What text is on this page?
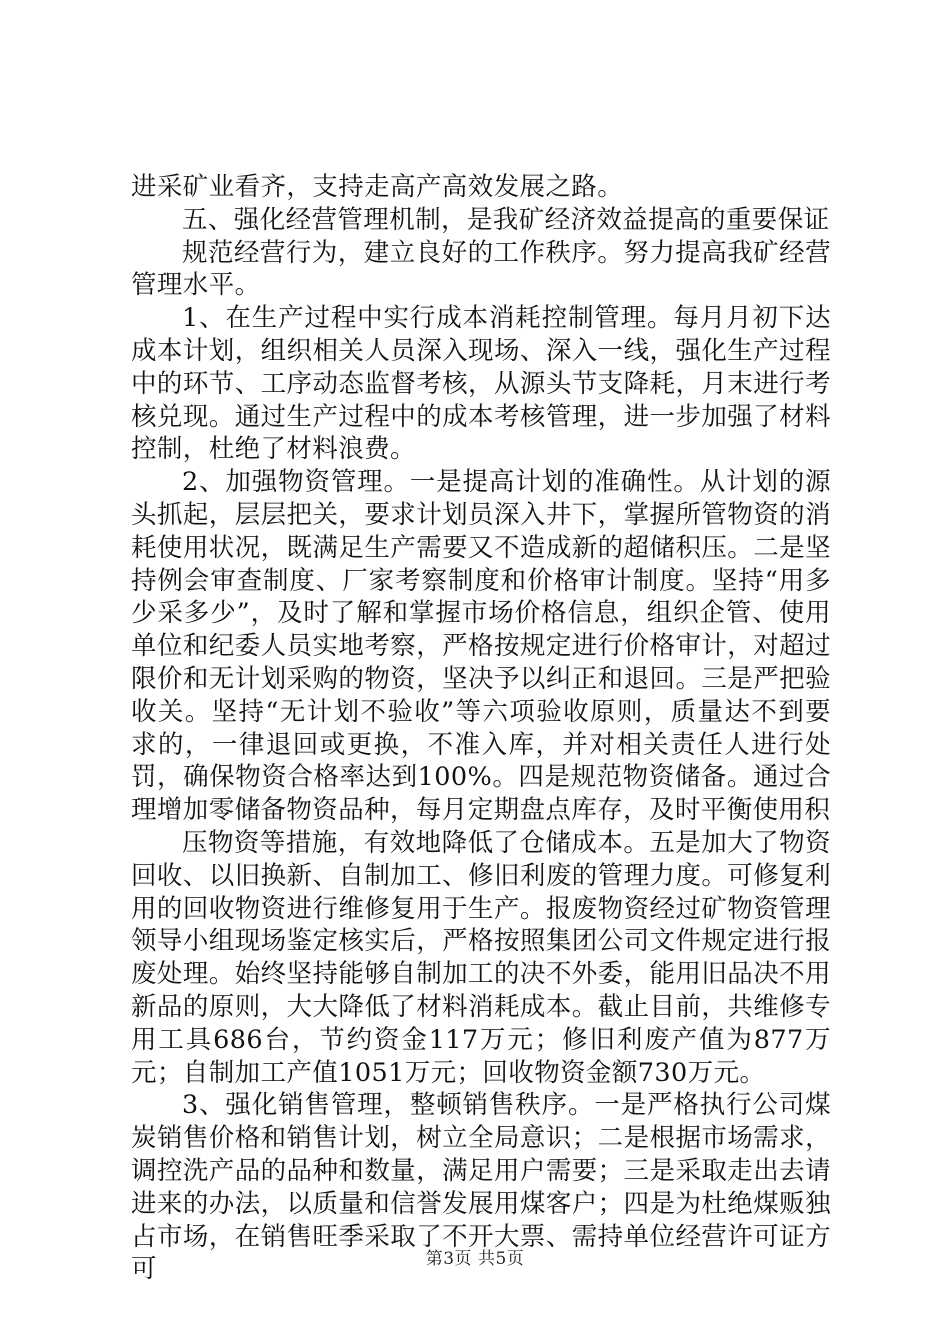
进采矿业看齐，支持走高产高效发展之路。

五、强化经营管理机制，是我矿经济效益提高的重要保证

规范经营行为，建立良好的工作秩序。努力提高我矿经营管理水平。

1、在生产过程中实行成本消耗控制管理。每月月初下达成本计划，组织相关人员深入现场、深入一线，强化生产过程中的环节、工序动态监督考核，从源头节支降耗，月末进行考核兑现。通过生产过程中的成本考核管理，进一步加强了材料控制，杜绝了材料浪费。

2、加强物资管理。一是提高计划的准确性。从计划的源头抓起，层层把关，要求计划员深入井下，掌握所管物资的消耗使用状况，既满足生产需要又不造成新的超储积压。二是坚持例会审查制度、厂家考察制度和价格审计制度。坚持“用多少采多少”，及时了解和掌握市场价格信息，组织企管、使用单位和纪委人员实地考察，严格按规定进行价格审计，对超过限价和无计划采购的物资，坚决予以纠正和退回。三是严把验收关。坚持“无计划不验收”等六项验收原则，质量达不到要求的，一律退回或更换，不准入库，并对相关责任人进行处罚，确保物资合格率达到100%。四是规范物资储备。通过合理增加零储备物资品种，每月定期盘点库存，及时平衡使用积

压物资等措施，有效地降低了仓储成本。五是加大了物资回收、以旧换新、自制加工、修旧利废的管理力度。可修复利用的回收物资进行维修复用于生产。报废物资经过矿物资管理领导小组现场鉴定核实后，严格按照集团公司文件规定进行报废处理。始终坚持能够自制加工的决不外委，能用旧品决不用新品的原则，大大降低了材料消耗成本。截止目前，共维修专用工具686台，节约资金117万元；修旧利废产值为877万元；自制加工产值1051万元；回收物资金额730万元。

3、强化销售管理，整顿销售秩序。一是严格执行公司煤炭销售价格和销售计划，树立全局意识；二是根据市场需求，调控洗产品的品种和数量，满足用户需要；三是采取走出去请进来的办法，以质量和信誉发展用煤客户；四是为杜绝煤贩独占市场，在销售旺季采取了不开大票、需持单位经营许可证方可	第3页 共5页
